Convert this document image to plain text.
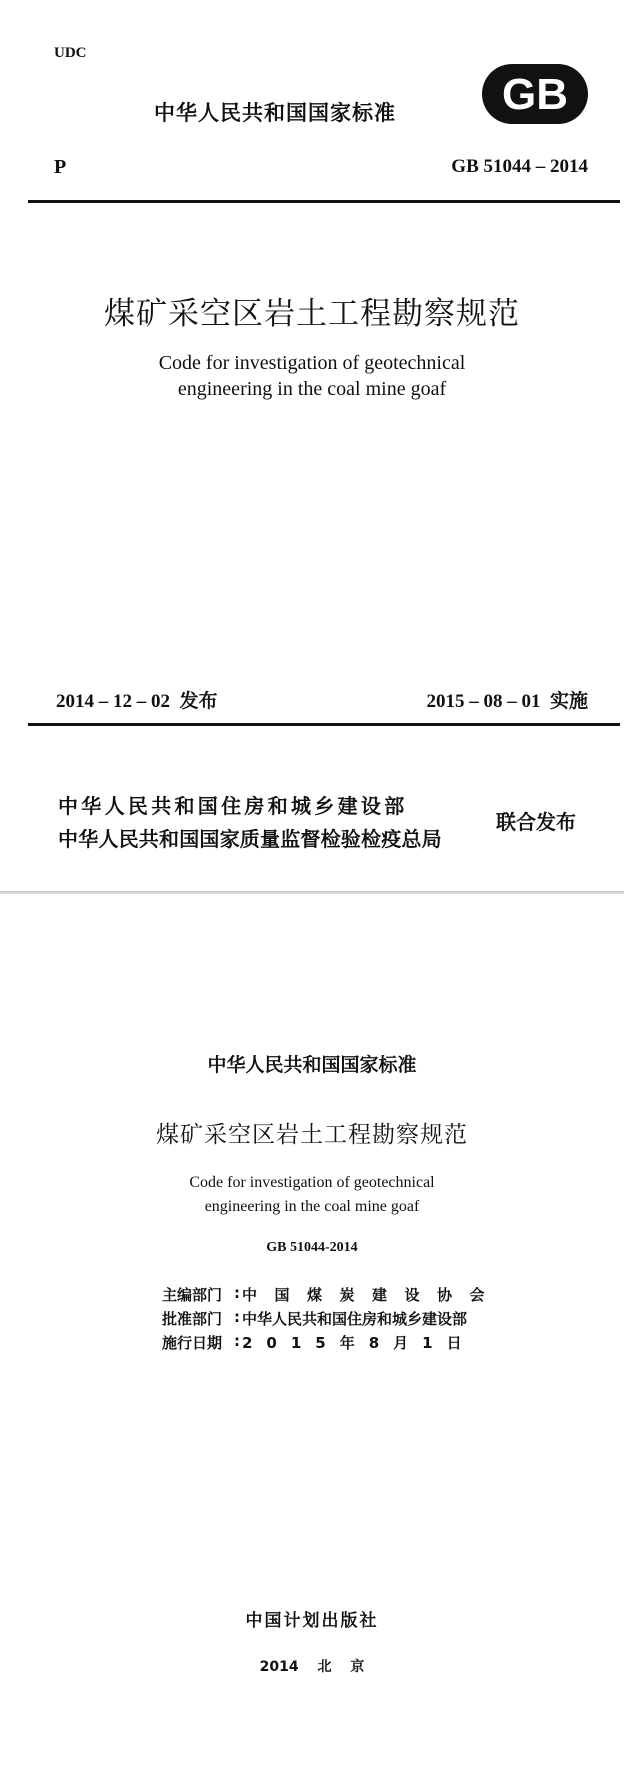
UDC
中华人民共和国国家标准 GB
P	GB 51044 – 2014
煤矿采空区岩土工程勘察规范
Code for investigation of geotechnical
engineering in the coal mine goaf
2014 – 12 – 02  发布	2015 – 08 – 01  实施
中华人民共和国住房和城乡建设部
中华人民共和国国家质量监督检验检疫总局
联合发布
中华人民共和国国家标准
煤矿采空区岩土工程勘察规范
Code for investigation of geotechnical
engineering in the coal mine goaf
GB 51044-2014
主编部门 : 中国煤炭建设协会
批准部门 : 中华人民共和国住房和城乡建设部
施行日期 : 2015年8月1日
中国计划出版社
2014 北 京
